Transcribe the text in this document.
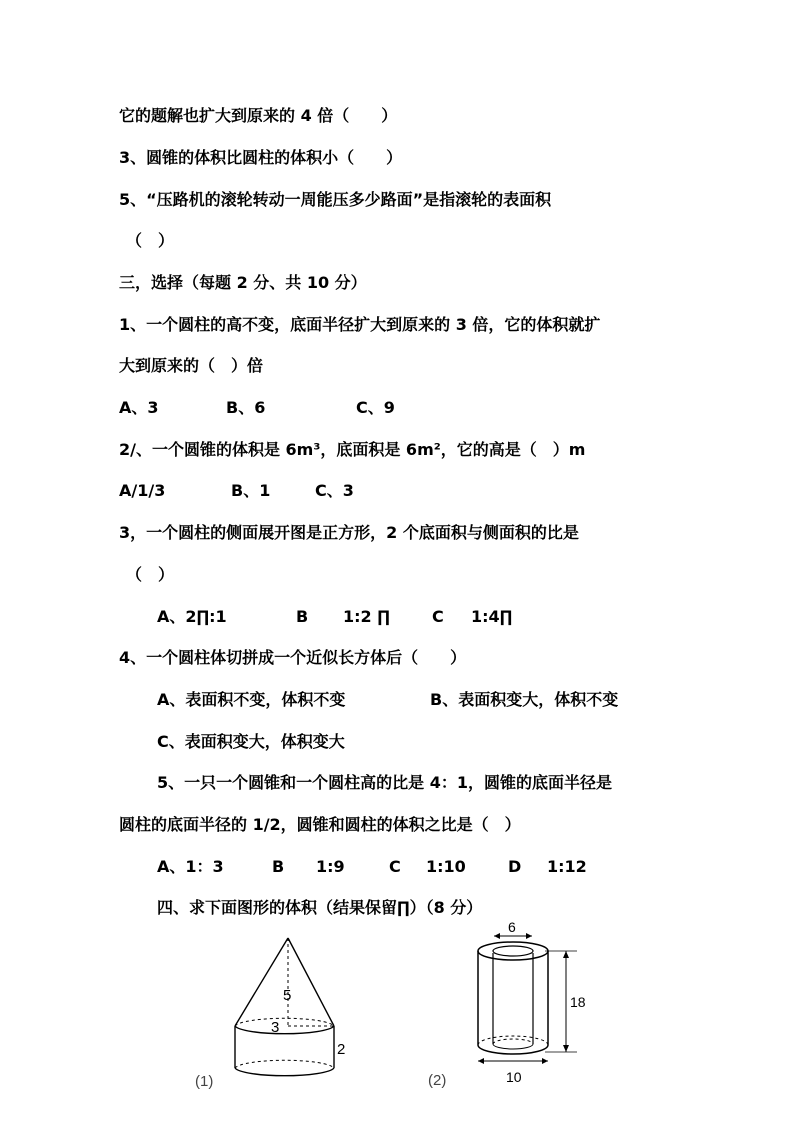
它的题解也扩大到原来的 4 倍（　　）
3、圆锥的体积比圆柱的体积小（　　）
5、“压路机的滚轮转动一周能压多少路面”是指滚轮的表面积
（　）
三，选择（每题 2 分、共 10 分）
1、一个圆柱的高不变，底面半径扩大到原来的 3 倍，它的体积就扩
大到原来的（　）倍
A、3	B、6	C、9
2/、一个圆锥的体积是 6m³，底面积是 6m²，它的高是（　）m
A/1/3	B、1	C、3
3，一个圆柱的侧面展开图是正方形，2 个底面积与侧面积的比是
（　）
A、2∏:1	B 1:2 ∏	C 1:4∏
4、一个圆柱体切拼成一个近似长方体后（　　）
A、表面积不变，体积不变	B、表面积变大，体积不变
C、表面积变大，体积变大
5、一只一个圆锥和一个圆柱高的比是 4：1，圆锥的底面半径是
圆柱的底面半径的 1/2，圆锥和圆柱的体积之比是（　）
A、1：3	B 1:9	C 1:10	D 1:12
四、求下面图形的体积（结果保留∏）（8 分）
5
3
2
(1)
6
18
10
(2)
